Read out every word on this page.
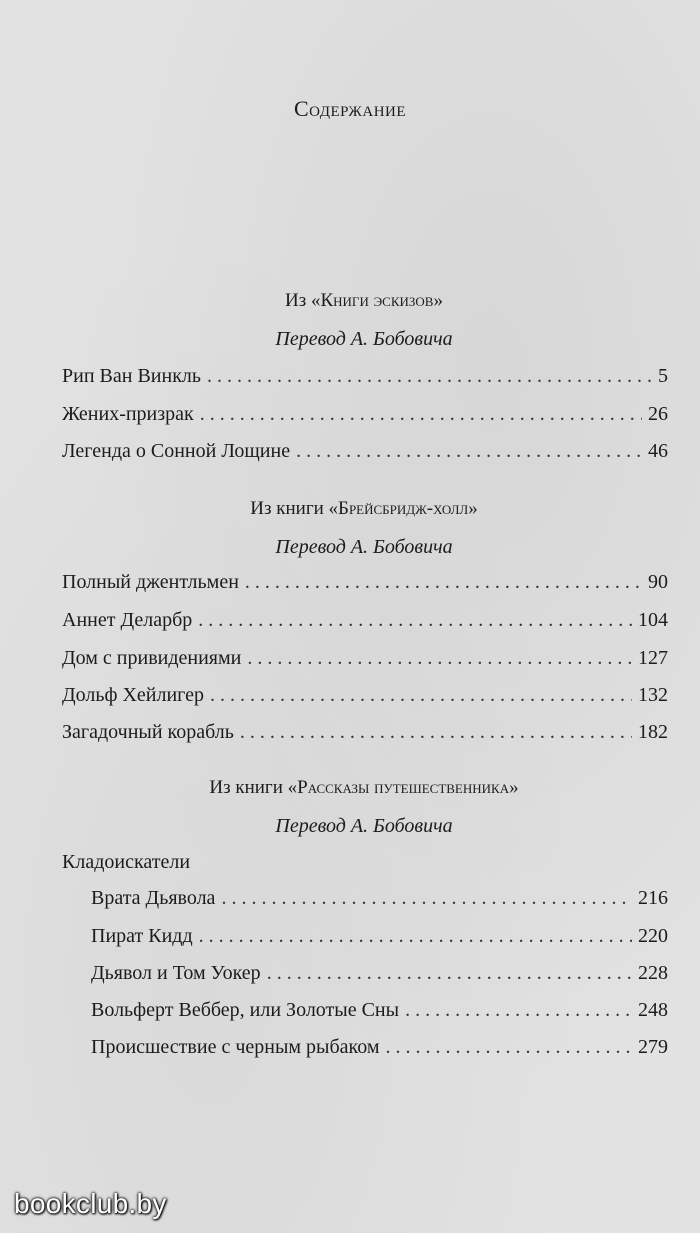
Содержание
Из «Книги эскизов»
Перевод А. Бобовича
Рип Ван Винкль . . .	5
Жених-призрак . . .	26
Легенда о Сонной Лощине . . .	46
Из книги «Брейсбридж-холл»
Перевод А. Бобовича
Полный джентльмен . . .	90
Аннет Деларбр . . .	104
Дом с привидениями . . .	127
Дольф Хейлигер . . .	132
Загадочный корабль . . .	182
Из книги «Рассказы путешественника»
Перевод А. Бобовича
Кладоискатели
Врата Дьявола . . .	216
Пират Кидд . . .	220
Дьявол и Том Уокер . . .	228
Вольферт Веббер, или Золотые Сны . . .	248
Происшествие с черным рыбаком . . .	279
bookclub.by
